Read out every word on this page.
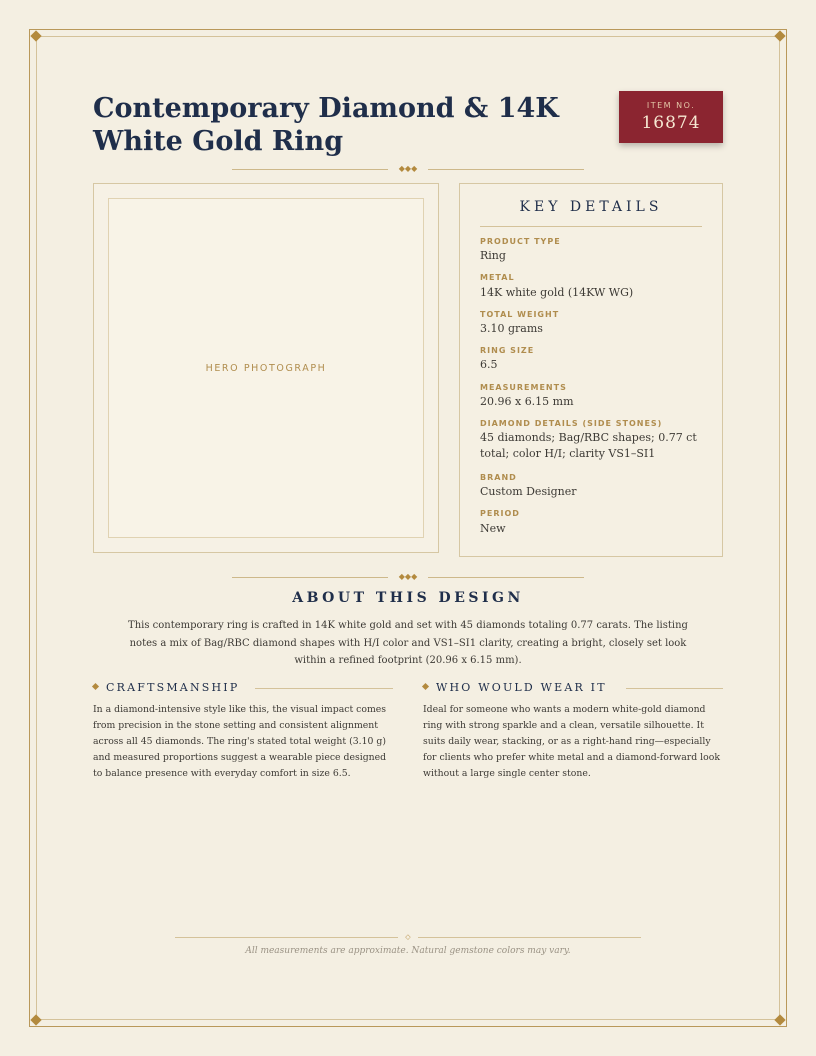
Contemporary Diamond & 14K White Gold Ring
ITEM NO.
16874
◆◆◆
HERO PHOTOGRAPH
KEY DETAILS
PRODUCT TYPE
Ring
METAL
14K white gold (14KW WG)
TOTAL WEIGHT
3.10 grams
RING SIZE
6.5
MEASUREMENTS
20.96 x 6.15 mm
DIAMOND DETAILS (SIDE STONES)
45 diamonds; Bag/RBC shapes; 0.77 ct total; color H/I; clarity VS1–SI1
BRAND
Custom Designer
PERIOD
New
◆◆◆
ABOUT THIS DESIGN

This contemporary ring is crafted in 14K white gold and set with 45 diamonds totaling 0.77 carats. The listing notes a mix of Bag/RBC diamond shapes with H/I color and VS1–SI1 clarity, creating a bright, closely set look within a refined footprint (20.96 x 6.15 mm).

CRAFTSMANSHIP

In a diamond-intensive style like this, the visual impact comes from precision in the stone setting and consistent alignment across all 45 diamonds. The ring's stated total weight (3.10 g) and measured proportions suggest a wearable piece designed to balance presence with everyday comfort in size 6.5.

WHO WOULD WEAR IT

Ideal for someone who wants a modern white-gold diamond ring with strong sparkle and a clean, versatile silhouette. It suits daily wear, stacking, or as a right-hand ring—especially for clients who prefer white metal and a diamond-forward look without a large single center stone.

◇
All measurements are approximate. Natural gemstone colors may vary.
